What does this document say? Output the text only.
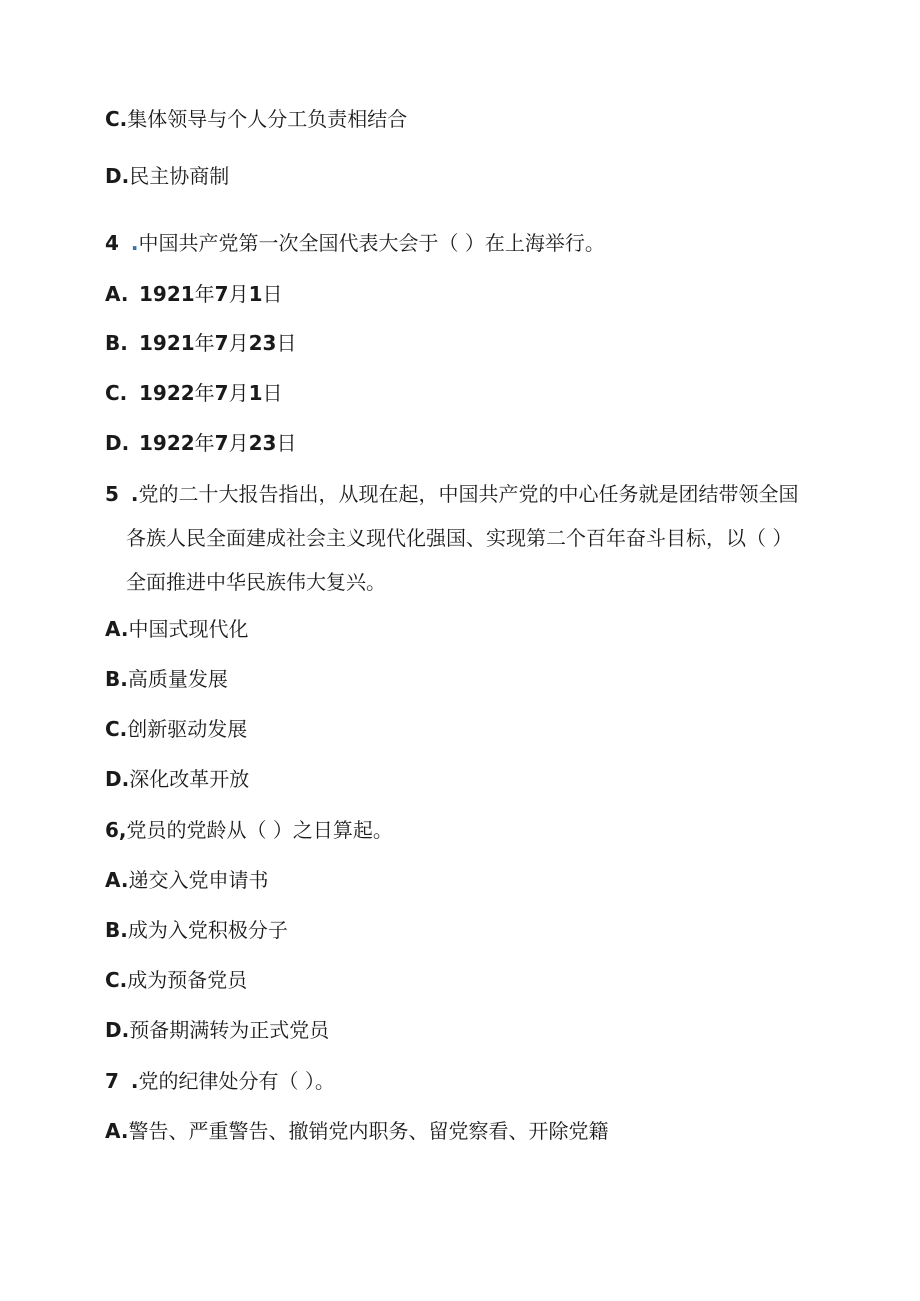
C.集体领导与个人分工负责相结合
D.民主协商制
4 .中国共产党第一次全国代表大会于（ ）在上海举行。
A. 1921年7月1日
B. 1921年7月23日
C. 1922年7月1日
D. 1922年7月23日
5 .党的二十大报告指出，从现在起，中国共产党的中心任务就是团结带领全国
各族人民全面建成社会主义现代化强国、实现第二个百年奋斗目标，以（ ）
全面推进中华民族伟大复兴。
A.中国式现代化
B.高质量发展
C.创新驱动发展
D.深化改革开放
6,党员的党龄从（ ）之日算起。
A.递交入党申请书
B.成为入党积极分子
C.成为预备党员
D.预备期满转为正式党员
7 .党的纪律处分有（ ）。
A.警告、严重警告、撤销党内职务、留党察看、开除党籍
